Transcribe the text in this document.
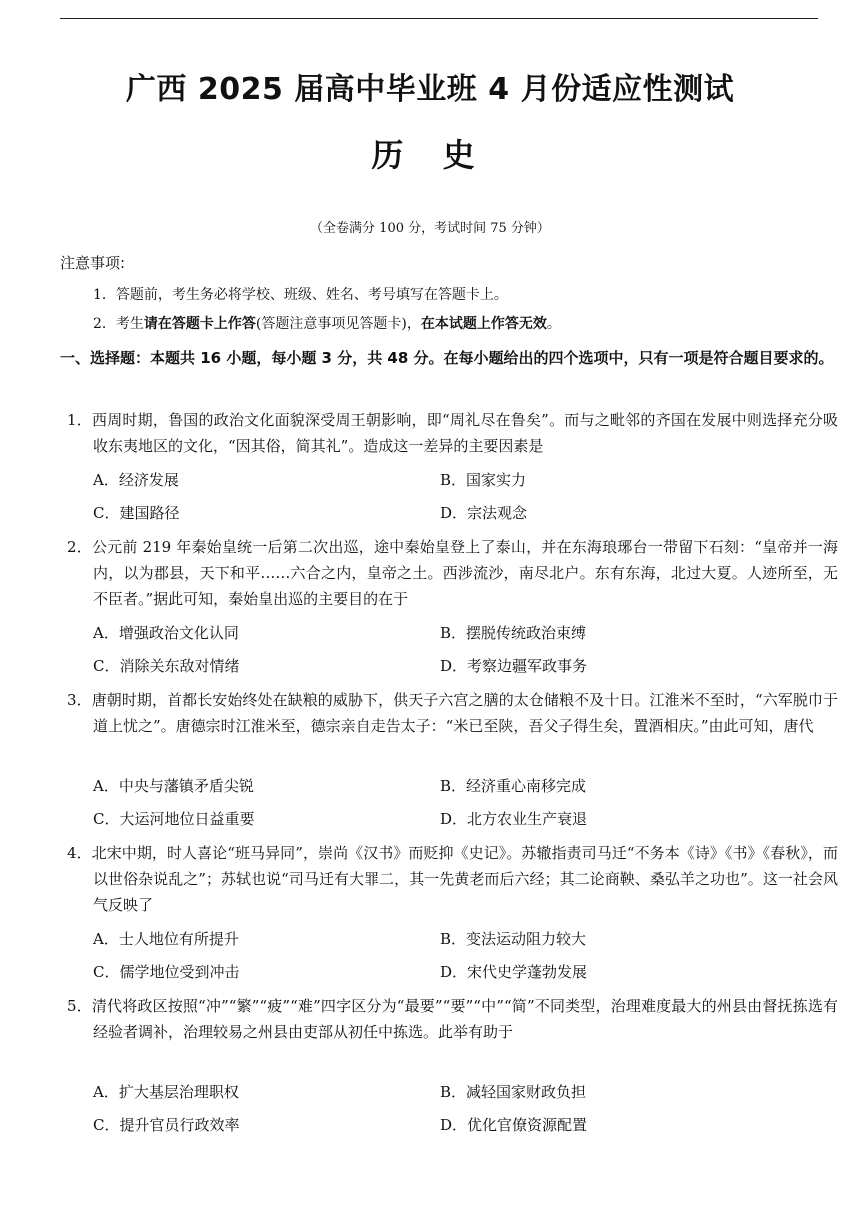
广西 2025 届高中毕业班 4 月份适应性测试
历 史
（全卷满分 100 分，考试时间 75 分钟）
注意事项:
1．答题前，考生务必将学校、班级、姓名、考号填写在答题卡上。
2．考生请在答题卡上作答(答题注意事项见答题卡)，在本试题上作答无效。
一、选择题：本题共 16 小题，每小题 3 分，共 48 分。在每小题给出的四个选项中，只有一项是符合题目要求的。
1．西周时期，鲁国的政治文化面貌深受周王朝影响，即“周礼尽在鲁矣”。而与之毗邻的齐国在发展中则选择充分吸收东夷地区的文化，“因其俗，简其礼”。造成这一差异的主要因素是
A．经济发展	B．国家实力
C．建国路径	D．宗法观念
2．公元前 219 年秦始皇统一后第二次出巡，途中秦始皇登上了泰山，并在东海琅琊台一带留下石刻：“皇帝并一海内，以为郡县，天下和平……六合之内，皇帝之土。西涉流沙，南尽北户。东有东海，北过大夏。人迹所至，无不臣者。”据此可知，秦始皇出巡的主要目的在于
A．增强政治文化认同	B．摆脱传统政治束缚
C．消除关东敌对情绪	D．考察边疆军政事务
3．唐朝时期，首都长安始终处在缺粮的威胁下，供天子六宫之膳的太仓储粮不及十日。江淮米不至时，“六军脱巾于道上忧之”。唐德宗时江淮米至，德宗亲自走告太子：“米已至陕，吾父子得生矣，置酒相庆。”由此可知，唐代
A．中央与藩镇矛盾尖锐	B．经济重心南移完成
C．大运河地位日益重要	D．北方农业生产衰退
4．北宋中期，时人喜论“班马异同”，崇尚《汉书》而贬抑《史记》。苏辙指责司马迁“不务本《诗》《书》《春秋》，而以世俗杂说乱之”；苏轼也说“司马迁有大罪二，其一先黄老而后六经；其二论商鞅、桑弘羊之功也”。这一社会风气反映了
A．士人地位有所提升	B．变法运动阻力较大
C．儒学地位受到冲击	D．宋代史学蓬勃发展
5．清代将政区按照“冲”“繁”“疲”“难”四字区分为“最要”“要”“中”“简”不同类型，治理难度最大的州县由督抚拣选有经验者调补，治理较易之州县由吏部从初任中拣选。此举有助于
A．扩大基层治理职权	B．减轻国家财政负担
C．提升官员行政效率	D．优化官僚资源配置
